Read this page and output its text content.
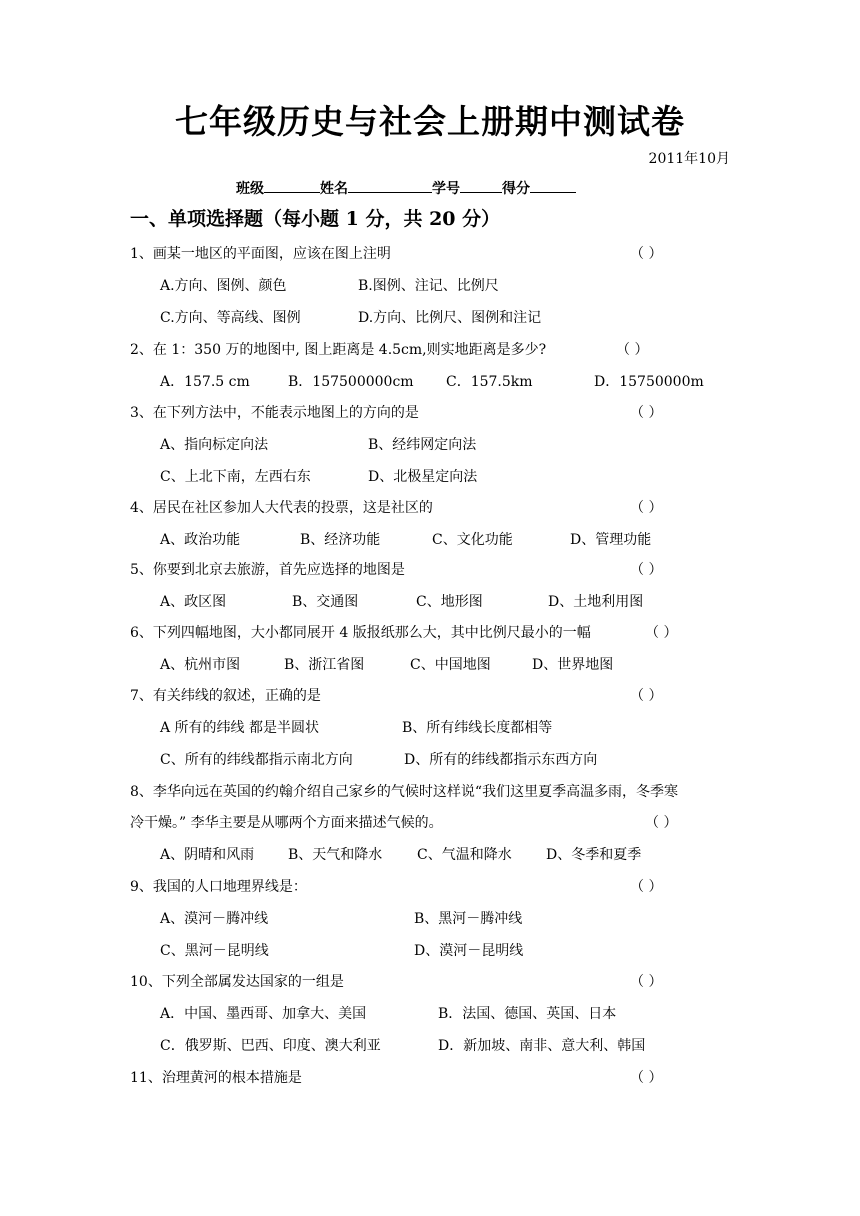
七年级历史与社会上册期中测试卷
2011年10月
班级	姓名	学号	得分
一、单项选择题（每小题 1 分，共 20 分）
1、画某一地区的平面图，应该在图上注明	（ ）
A.方向、图例、颜色	B.图例、注记、比例尺
C.方向、等高线、图例	D.方向、比例尺、图例和注记
2、在 1：350 万的地图中, 图上距离是 4.5cm,则实地距离是多少?	（ ）
A．157.5 cm	B．157500000cm C．157.5km	D．15750000m
3、在下列方法中，不能表示地图上的方向的是	（ ）
A、指向标定向法	B、经纬网定向法
C、上北下南，左西右东	D、北极星定向法
4、居民在社区参加人大代表的投票，这是社区的	（ ）
A、政治功能	B、经济功能	C、文化功能	D、管理功能
5、你要到北京去旅游，首先应选择的地图是	（ ）
A、政区图	B、交通图	C、地形图	D、土地利用图
6、下列四幅地图，大小都同展开 4 版报纸那么大，其中比例尺最小的一幅	（ ）
A、杭州市图	B、浙江省图	C、中国地图	D、世界地图
7、有关纬线的叙述，正确的是	（ ）
A 所有的纬线 都是半圆状	B、所有纬线长度都相等
C、所有的纬线都指示南北方向	D、所有的纬线都指示东西方向
8、李华向远在英国的约翰介绍自己家乡的气候时这样说“我们这里夏季高温多雨，冬季寒
冷干燥。” 李华主要是从哪两个方面来描述气候的。	（ ）
A、阴晴和风雨 B、天气和降水 C、气温和降水 D、冬季和夏季
9、我国的人口地理界线是：	（ ）
A、漠河－腾冲线	B、黑河－腾冲线
C、黑河－昆明线	D、漠河－昆明线
10、下列全部属发达国家的一组是	（ ）
A．中国、墨西哥、加拿大、美国	B．法国、德国、英国、日本
C．俄罗斯、巴西、印度、澳大利亚	D．新加坡、南非、意大利、韩国
11、治理黄河的根本措施是	（ ）
